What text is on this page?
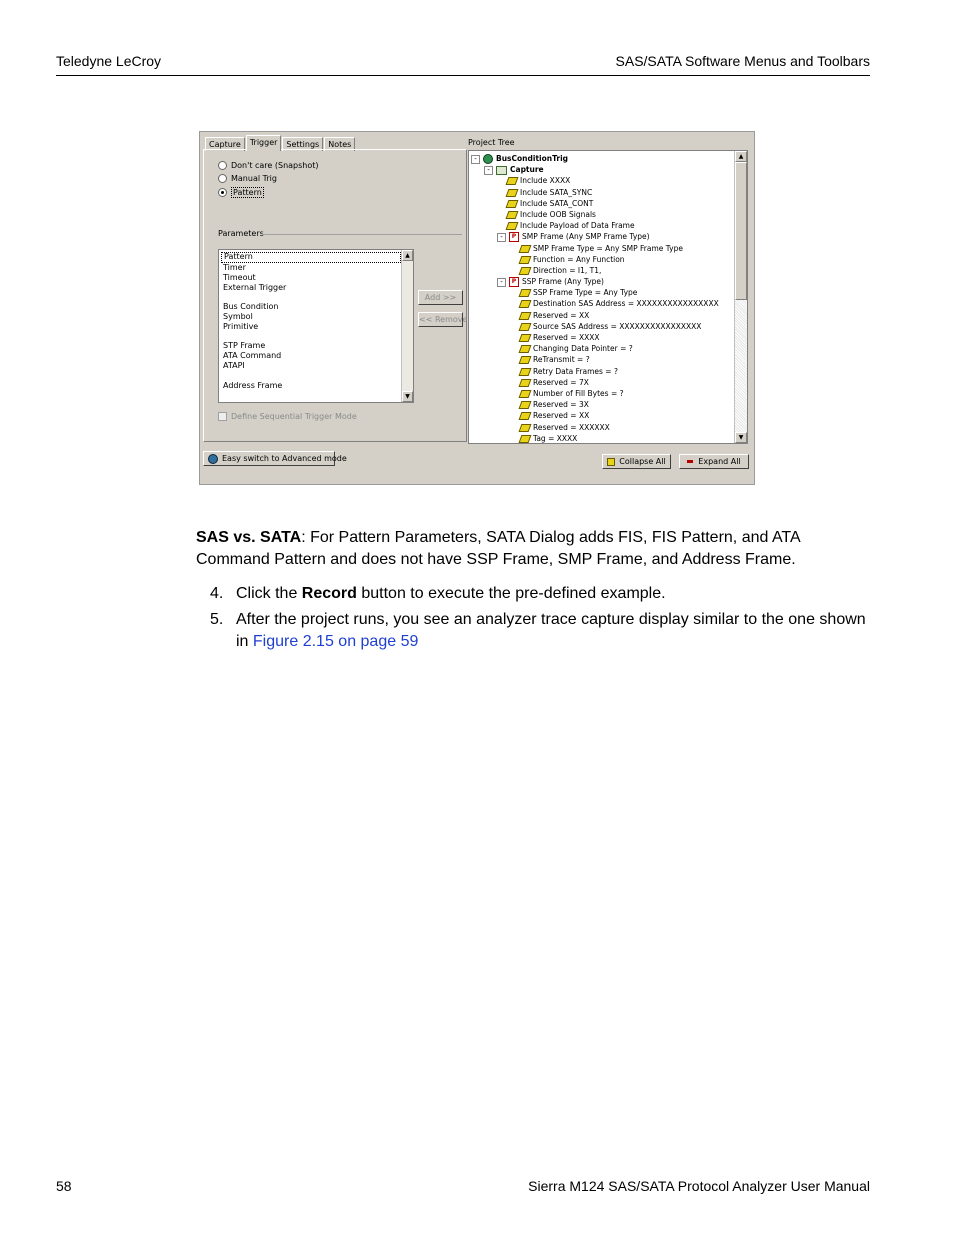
Teledyne LeCroy	SAS/SATA Software Menus and Toolbars
Capture	Trigger	Settings	Notes
Don't care (Snapshot)
Manual Trig
Pattern
Parameters
Pattern
Timer
Timeout
External Trigger
Bus Condition
Symbol
Primitive
STP Frame
ATA Command
ATAPI
Address Frame
▲
▼
Add >>
<< Remove
Define Sequential Trigger Mode
Easy switch to Advanced mode
Project Tree
-	BusConditionTrig
-	Capture
Include XXXX
Include SATA_SYNC
Include SATA_CONT
Include OOB Signals
Include Payload of Data Frame
- P SMP Frame (Any SMP Frame Type)
SMP Frame Type = Any SMP Frame Type
Function = Any Function
Direction = I1, T1,
- P SSP Frame (Any Type)
SSP Frame Type = Any Type
Destination SAS Address = XXXXXXXXXXXXXXXX
Reserved = XX
Source SAS Address = XXXXXXXXXXXXXXXX
Reserved = XXXX
Changing Data Pointer = ?
ReTransmit = ?
Retry Data Frames = ?
Reserved = 7X
Number of Fill Bytes = ?
Reserved = 3X
Reserved = XX
Reserved = XXXXXX
Tag = XXXX
▲
▼
Collapse All	Expand All
SAS vs. SATA: For Pattern Parameters, SATA Dialog adds FIS, FIS Pattern, and ATA Command Pattern and does not have SSP Frame, SMP Frame, and Address Frame.
4. Click the Record button to execute the pre-defined example.
5. After the project runs, you see an analyzer trace capture display similar to the one shown in Figure 2.15 on page 59
58	Sierra M124 SAS/SATA Protocol Analyzer User Manual
